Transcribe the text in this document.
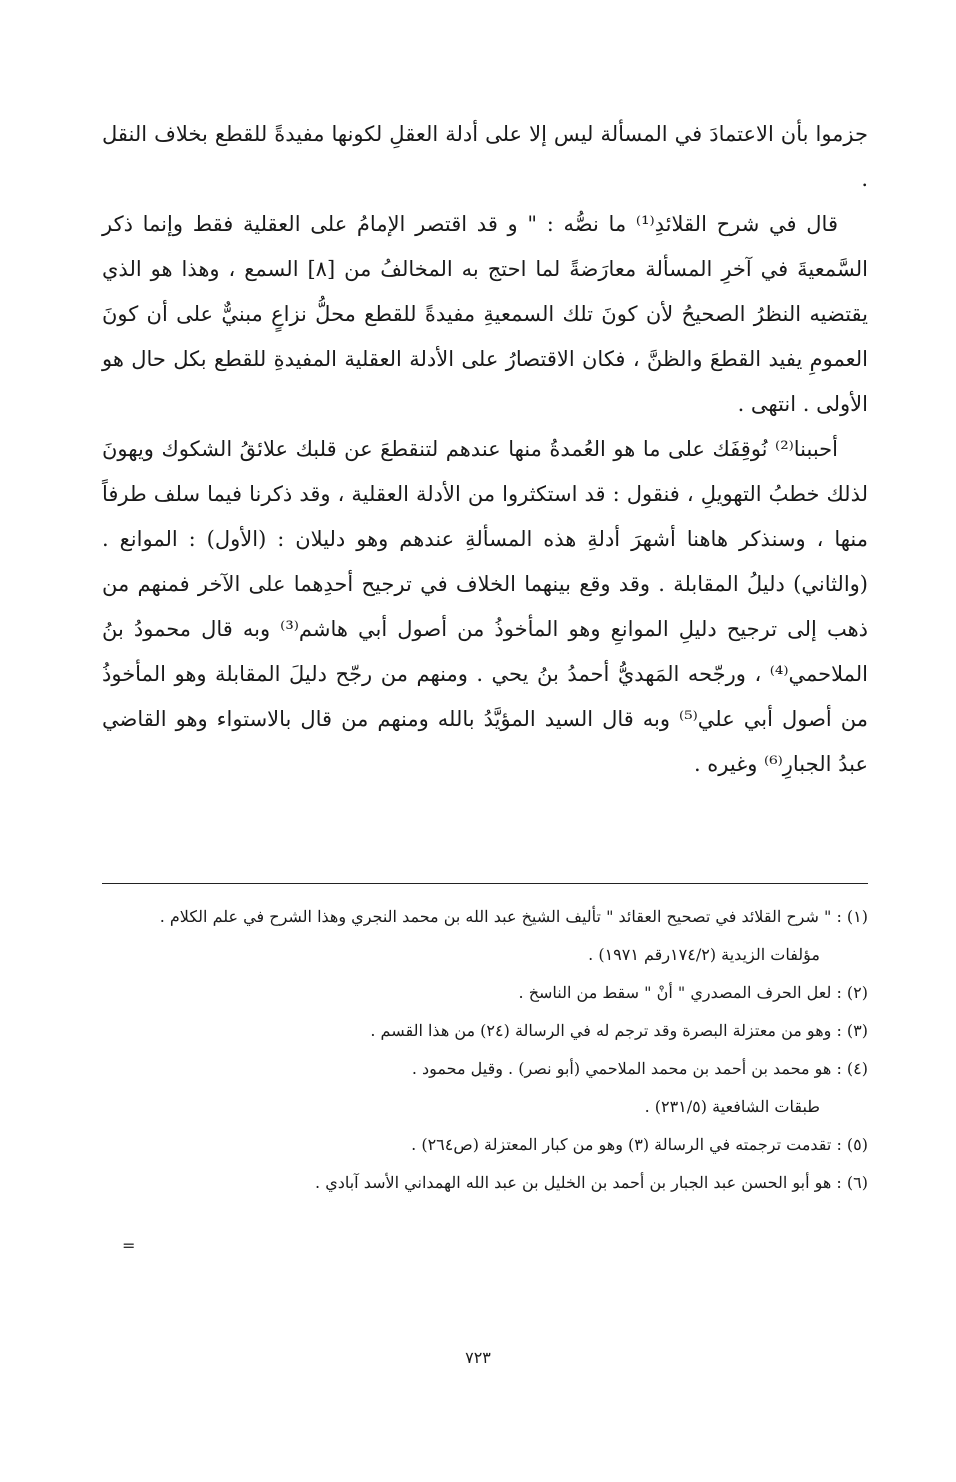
جزموا بأن الاعتمادَ في المسألة ليس إلا على أدلة العقلِ لكونها مفيدةً للقطع بخلاف النقل .

قال في شرح القلائدِ⁽¹⁾ ما نصُّه : " و قد اقتصر الإمامُ على العقلية فقط وإنما ذكر السَّمعيةَ في آخرِ المسألة معارَضةً لما احتج به المخالفُ من [٨] السمع ، وهذا هو الذي يقتضيه النظرُ الصحيحُ لأن كونَ تلك السمعيةِ مفيدةً للقطع محلُّ نزاعٍ مبنيٌّ على أن كونَ العمومِ يفيد القطعَ والظنَّ ، فكان الاقتصارُ على الأدلة العقلية المفيدةِ للقطع بكل حال هو الأولى . انتهى .

أحببنا⁽²⁾ نُوقِفَك على ما هو العُمدةُ منها عندهم لتنقطعَ عن قلبك علائقُ الشكوك ويهونَ لذلك خطبُ التهويلِ ، فنقول : قد استكثروا من الأدلة العقلية ، وقد ذكرنا فيما سلف طرفاً منها ، وسنذكر هاهنا أشهرَ أدلةِ هذه المسألةِ عندهم وهو دليلان : (الأول) : الموانع . (والثاني) دليلُ المقابلة . وقد وقع بينهما الخلاف في ترجيح أحدِهما على الآخر فمنهم من ذهب إلى ترجيح دليلِ الموانعِ وهو المأخوذُ من أصول أبي هاشم⁽³⁾ وبه قال محمودُ بنُ الملاحمي⁽⁴⁾ ، ورجّحه المَهديُّ أحمدُ بنُ يحي . ومنهم من رجّح دليلَ المقابلة وهو المأخوذُ من أصول أبي علي⁽⁵⁾ وبه قال السيد المؤيَّدُ بالله ومنهم من قال بالاستواء وهو القاضي عبدُ الجبارِ⁽⁶⁾ وغيره .

(١) : " شرح القلائد في تصحيح العقائد " تأليف الشيخ عبد الله بن محمد النجري وهذا الشرح في علم الكلام .

مؤلفات الزيدية (١٧٤/٢رقم ١٩٧١) .

(٢) : لعل الحرف المصدري " أنْ " سقط من الناسخ .

(٣) : وهو من معتزلة البصرة وقد ترجم له في الرسالة (٢٤) من هذا القسم .

(٤) : هو محمد بن أحمد بن محمد الملاحمي (أبو نصر) . وقيل محمود .

طبقات الشافعية (٢٣١/٥) .

(٥) : تقدمت ترجمته في الرسالة (٣) وهو من كبار المعتزلة (ص٢٦٤) .

(٦) : هو أبو الحسن عبد الجبار بن أحمد بن الخليل بن عبد الله الهمداني الأسد آبادي .

=
٧٢٣
